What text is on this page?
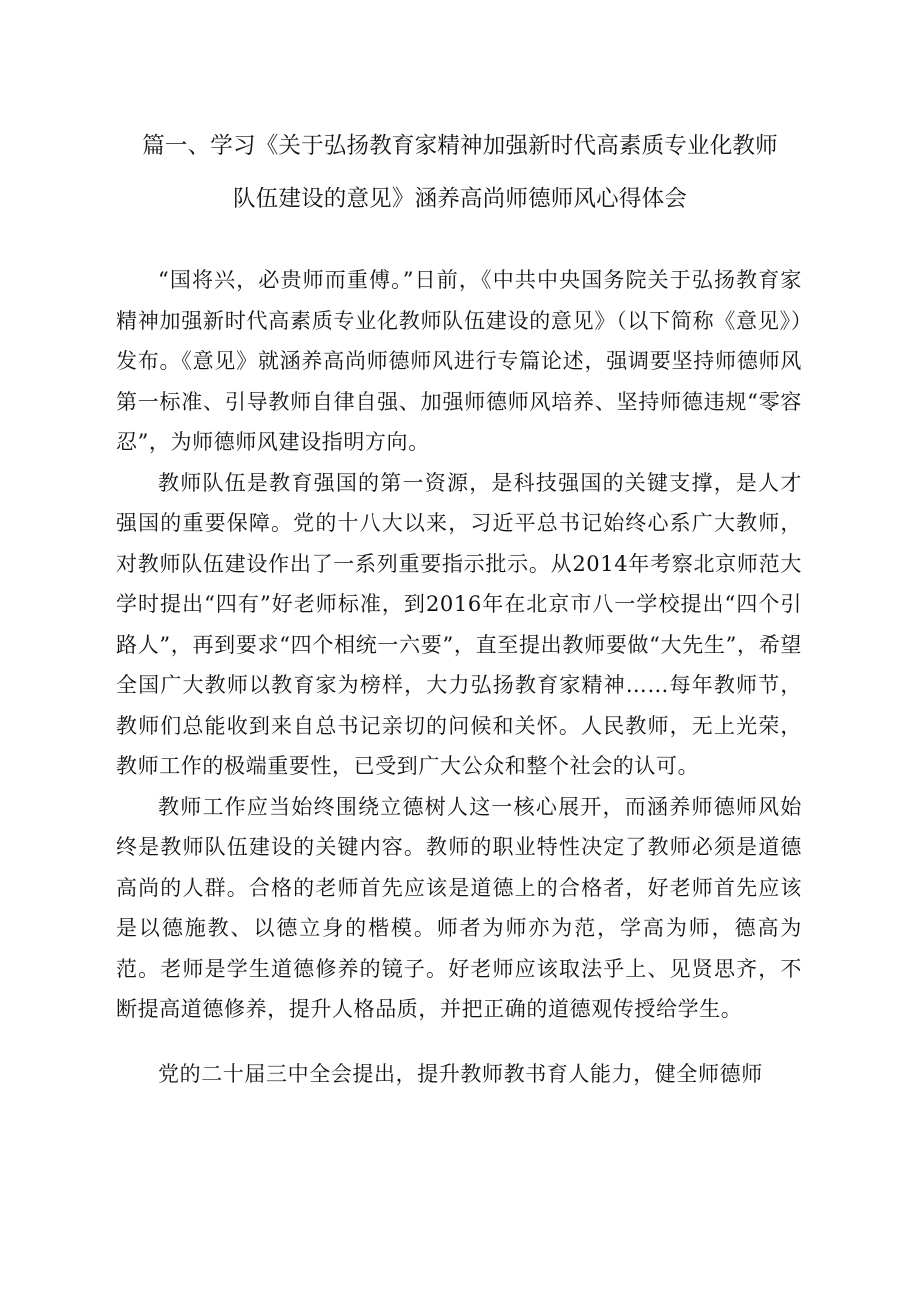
篇一、学习《关于弘扬教育家精神加强新时代高素质专业化教师
队伍建设的意见》涵养高尚师德师风心得体会

“国将兴，必贵师而重傅。”日前，《中共中央国务院关于弘扬教育家精神加强新时代高素质专业化教师队伍建设的意见》（以下简称《意见》）发布。《意见》就涵养高尚师德师风进行专篇论述，强调要坚持师德师风第一标准、引导教师自律自强、加强师德师风培养、坚持师德违规“零容忍”，为师德师风建设指明方向。

教师队伍是教育强国的第一资源，是科技强国的关键支撑，是人才强国的重要保障。党的十八大以来，习近平总书记始终心系广大教师，对教师队伍建设作出了一系列重要指示批示。从2014年考察北京师范大学时提出“四有”好老师标准，到2016年在北京市八一学校提出“四个引路人”，再到要求“四个相统一六要”，直至提出教师要做“大先生”，希望全国广大教师以教育家为榜样，大力弘扬教育家精神……每年教师节，教师们总能收到来自总书记亲切的问候和关怀。人民教师，无上光荣，教师工作的极端重要性，已受到广大公众和整个社会的认可。

教师工作应当始终围绕立德树人这一核心展开，而涵养师德师风始终是教师队伍建设的关键内容。教师的职业特性决定了教师必须是道德高尚的人群。合格的老师首先应该是道德上的合格者，好老师首先应该是以德施教、以德立身的楷模。师者为师亦为范，学高为师，德高为范。老师是学生道德修养的镜子。好老师应该取法乎上、见贤思齐，不断提高道德修养，提升人格品质，并把正确的道德观传授给学生。

党的二十届三中全会提出，提升教师教书育人能力，健全师德师
